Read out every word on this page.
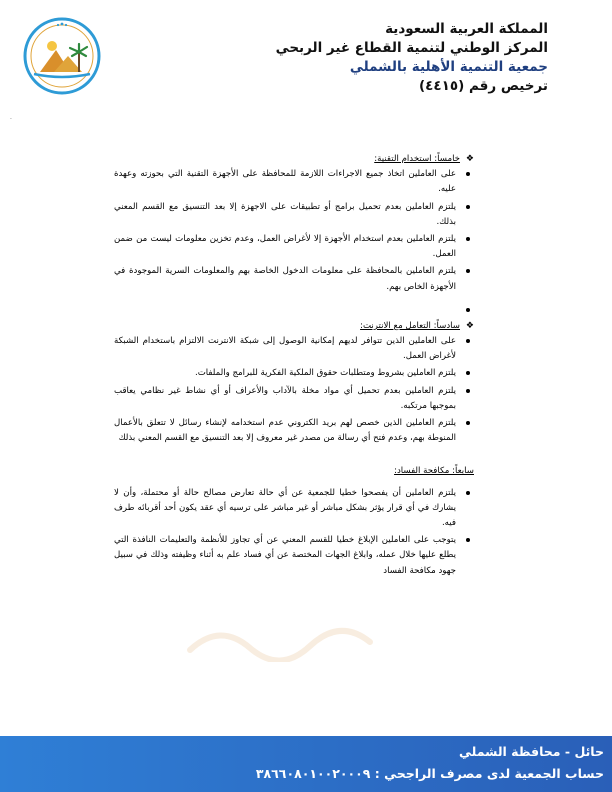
المملكة العربية السعودية
المركز الوطني لتنمية القطاع غير الربحي
جمعية التنمية الأهلية بالشملي
ترخيص رقم (٤٤١٥)
·
❖
خامساً: استخدام التقنية:
على العاملين اتخاذ جميع الاجراءات اللازمة للمحافظة على الأجهزة التقنية التي بحوزته وعهدة عليه.
يلتزم العاملين بعدم تحميل برامج أو تطبيقات على الاجهزة إلا بعد التنسيق مع القسم المعني بذلك.
يلتزم العاملين بعدم استخدام الأجهزة إلا لأغراض العمل، وعدم تخزين معلومات ليست من ضمن العمل.
يلتزم العاملين بالمحافظة على معلومات الدخول الخاصة بهم والمعلومات السرية الموجودة في الأجهزة الخاص بهم.
❖
سادساً: التعامل مع الانترنت:
على العاملين الذين تتوافر لديهم إمكانية الوصول إلى شبكة الانترنت الالتزام باستخدام الشبكة لأغراض العمل.
يلتزم العاملين بشروط ومتطلبات حقوق الملكية الفكرية للبرامج والملفات.
يلتزم العاملين بعدم تحميل أي مواد مخلة بالآداب والأعراف أو أي نشاط غير نظامي يعاقب بموجبها مرتكبه.
يلتزم العاملين الذين خصص لهم بريد الكتروني عدم استخدامه لإنشاء رسائل لا تتعلق بالأعمال المنوطة بهم، وعدم فتح أي رسالة من مصدر غير معروف إلا بعد التنسيق مع القسم المعني بذلك
سابعاً: مكافحة الفساد:
يلتزم العاملين أن يفصحوا خطيا للجمعية عن أي حالة تعارض مصالح حالة أو محتملة، وأن لا يشارك في أي قرار يؤثر بشكل مباشر أو غير مباشر على ترسيه أي عقد يكون أحد أقربائه طرف فيه.
يتوجب على العاملين الإبلاغ خطيا للقسم المعني عن أي تجاوز للأنظمة والتعليمات النافذة التي يطلع عليها خلال عمله، وابلاغ الجهات المختصة عن أي فساد علم به أثناء وظيفته وذلك في سبيل جهود مكافحة الفساد
حائل - محافظة الشملي
حساب الجمعية لدى مصرف الراجحي : ٣٨٦٦٠٨٠١٠٠٢٠٠٠٩
